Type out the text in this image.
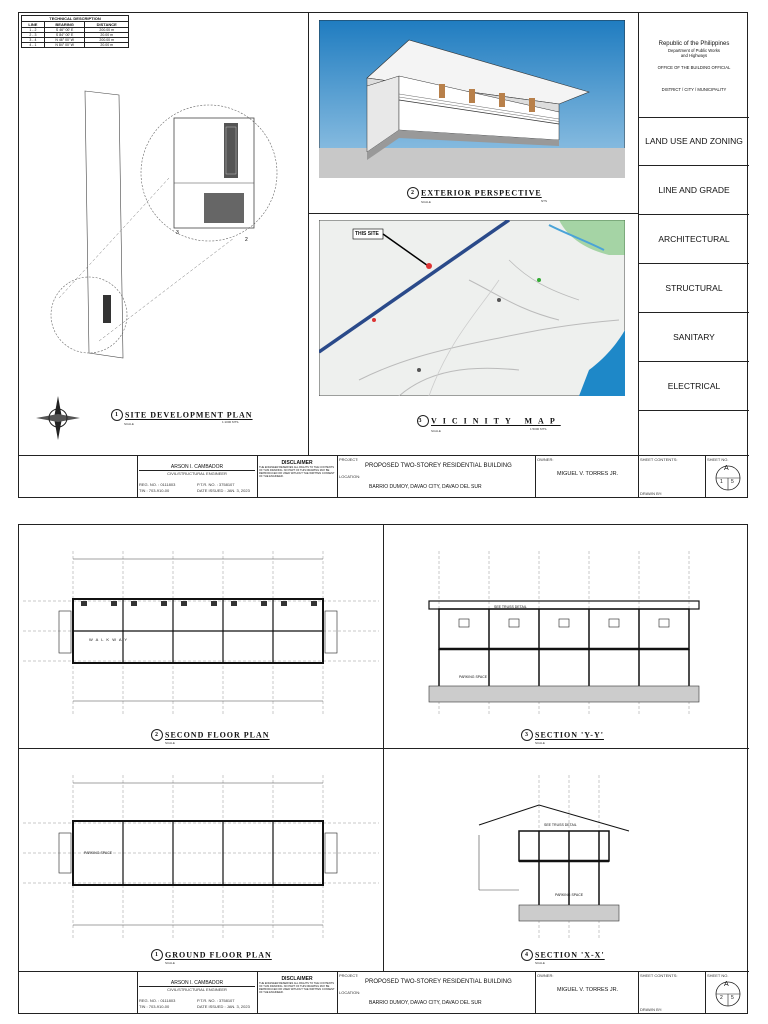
TECHNICAL DESCRIPTION		
LINE	BEARING	DISTANCE
1 - 2	S 46° 00' E	200.00 m
2 - 3	S 84° 00' E	20.00 m
3 - 4	N 46° 00' W	200.00 m
4 - 1	N 84° 00' W	20.00 m
3
2
1 SITE DEVELOPMENT PLAN
SCALE	1:1000 MTS.
2 EXTERIOR PERSPECTIVE
SCALE	NTS
THIS SITE
3 VICINITY MAP
SCALE	1:5000 MTS.
Republic of the Philippines
Department of Public Works
and Highways
OFFICE OF THE BUILDING OFFICIAL
DISTRICT / CITY / MUNICIPALITY
LAND USE AND ZONING
LINE AND GRADE
ARCHITECTURAL
STRUCTURAL
SANITARY
ELECTRICAL
ARSON I. CAMBADOR
CIVIL/STRUCTURAL ENGINEER
REG. NO. : 0111803	P.T.R. NO. : 3758107
TIN : 703-910-00	DATE ISSUED : JAN. 3, 2023
DISCLAIMER
THE ENGINEER RESERVES ALL RIGHTS TO THE CONTENTS OF THIS DRAWING. NO PART OF THIS DRAWING MAY BE REPRODUCED OR USED WITHOUT THE WRITTEN CONSENT OF THE ENGINEER.
PROJECT:
PROPOSED TWO-STOREY RESIDENTIAL BUILDING
LOCATION:
BARRIO DUMOY, DAVAO CITY, DAVAO DEL SUR
OWNER:
MIGUEL V. TORRES JR.
SHEET CONTENTS:
DRAWN BY:
SHEET NO.
A
1 5
W A L K W A Y
2 SECOND FLOOR PLAN
SCALE
SEE TRUSS DETAIL
PARKING SPACE
3 SECTION 'Y-Y'
SCALE
PARKING SPACE
1 GROUND FLOOR PLAN
SCALE
SEE TRUSS DETAIL
PARKING SPACE
4 SECTION 'X-X'
SCALE
ARSON I. CAMBADOR
CIVIL/STRUCTURAL ENGINEER
REG. NO. : 0111803	P.T.R. NO. : 3758107
TIN : 703-910-00	DATE ISSUED : JAN. 3, 2023
DISCLAIMER
THE ENGINEER RESERVES ALL RIGHTS TO THE CONTENTS OF THIS DRAWING. NO PART OF THIS DRAWING MAY BE REPRODUCED OR USED WITHOUT THE WRITTEN CONSENT OF THE ENGINEER.
PROJECT:
PROPOSED TWO-STOREY RESIDENTIAL BUILDING
LOCATION:
BARRIO DUMOY, DAVAO CITY, DAVAO DEL SUR
OWNER:
MIGUEL V. TORRES JR.
SHEET CONTENTS:
DRAWN BY:
SHEET NO.
A
2 5
